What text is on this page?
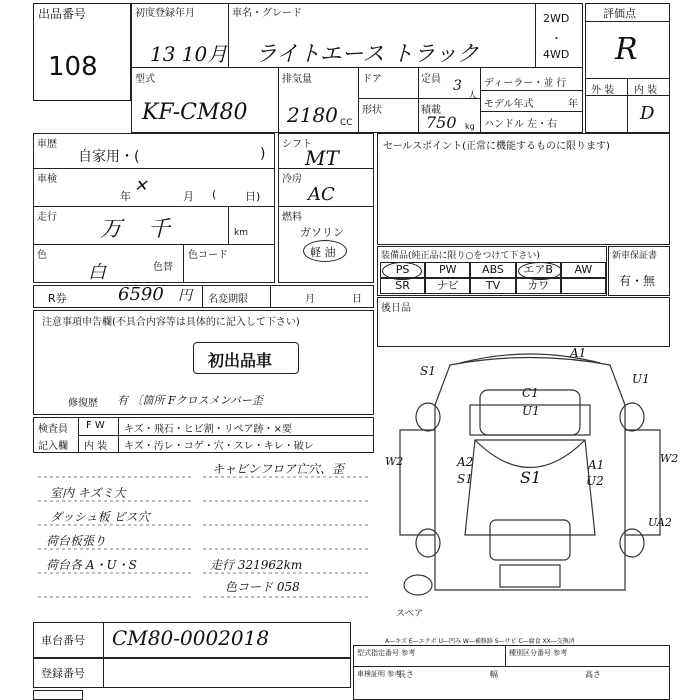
出品番号
108
初度登録年月
13 10月
車名・グレード
ライトエース トラック
2WD
・
4WD
型式
KF-CM80
排気量
2180 CC
ドア	定員 3
人
形状	積載
750 kg
ディーラー・並 行
モデル年式	年
ハンドル 左・右
評価点
R
外 装 内 装
D
車歴
自家用・(	)
車検
年
✕
月 (	日)
走行 万 千	km
色
白	色替
色コード
シフト
MT
冷房
AC
燃料
ガソリン
軽 油
セールスポイント(正常に機能するものに限ります)
装備品(純正品に限り○をつけて下さい)
PS	PW	ABS	エアB	AW
SR	ナビ	TV	カワ
新車保証書
有・無
R券	6590 円 名変期限	月	日
後日品
注意事項申告欄(不具合内容等は具体的に記入して下さい)
初出品車
修復歴 有 〔箇所 Fクロスメンバー歪
検査員
記入欄
F W キズ・飛石・ヒビ割・リペア跡・×要
内 装 キズ・汚レ・コゲ・穴・スレ・キレ・破レ
キャビンフロア亡穴、歪
室内 キズミ大
ダッシュ板 ビス穴
荷台板張り
荷台各 A・U・S	走行 321962km
色コード 058
A1
U1
S1
C1
U1
W2	A2
S1	S1
A1
U2
W2
UA2
スペア
A―キズ E―エクボ U―凹み W―補修跡 S―サビ C―腐食 XX―交換済
車台番号 CM80-0002018
登録番号
型式指定番号 参考	種別区分番号 参考
車検証明 参考
長さ	幅	高さ
